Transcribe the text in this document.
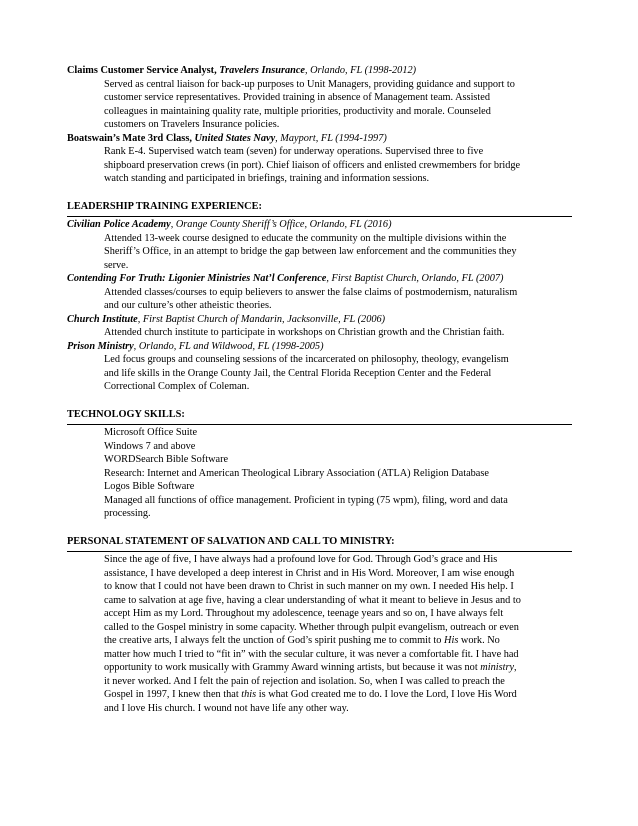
Claims Customer Service Analyst, Travelers Insurance, Orlando, FL (1998-2012)
Served as central liaison for back-up purposes to Unit Managers, providing guidance and support to
customer service representatives. Provided training in absence of Management team. Assisted
colleagues in maintaining quality rate, multiple priorities, productivity and morale. Counseled
customers on Travelers Insurance policies.
Boatswain’s Mate 3rd Class, United States Navy, Mayport, FL (1994-1997)
Rank E-4. Supervised watch team (seven) for underway operations. Supervised three to five
shipboard preservation crews (in port). Chief liaison of officers and enlisted crewmembers for bridge
watch standing and participated in briefings, training and information sessions.
LEADERSHIP TRAINING EXPERIENCE:
Civilian Police Academy, Orange County Sheriff’s Office, Orlando, FL (2016)
Attended 13-week course designed to educate the community on the multiple divisions within the
Sheriff’s Office, in an attempt to bridge the gap between law enforcement and the communities they
serve.
Contending For Truth: Ligonier Ministries Nat’l Conference, First Baptist Church, Orlando, FL (2007)
Attended classes/courses to equip believers to answer the false claims of postmodernism, naturalism
and our culture’s other atheistic theories.
Church Institute, First Baptist Church of Mandarin, Jacksonville, FL (2006)
Attended church institute to participate in workshops on Christian growth and the Christian faith.
Prison Ministry, Orlando, FL and Wildwood, FL (1998-2005)
Led focus groups and counseling sessions of the incarcerated on philosophy, theology, evangelism
and life skills in the Orange County Jail, the Central Florida Reception Center and the Federal
Correctional Complex of Coleman.
TECHNOLOGY SKILLS:
Microsoft Office Suite
Windows 7 and above
WORDSearch Bible Software
Research: Internet and American Theological Library Association (ATLA) Religion Database
Logos Bible Software
Managed all functions of office management. Proficient in typing (75 wpm), filing, word and data
processing.
PERSONAL STATEMENT OF SALVATION AND CALL TO MINISTRY:
Since the age of five, I have always had a profound love for God. Through God’s grace and His
assistance, I have developed a deep interest in Christ and in His Word. Moreover, I am wise enough
to know that I could not have been drawn to Christ in such manner on my own. I needed His help. I
came to salvation at age five, having a clear understanding of what it meant to believe in Jesus and to
accept Him as my Lord. Throughout my adolescence, teenage years and so on, I have always felt
called to the Gospel ministry in some capacity. Whether through pulpit evangelism, outreach or even
the creative arts, I always felt the unction of God’s spirit pushing me to commit to His work. No
matter how much I tried to “fit in” with the secular culture, it was never a comfortable fit. I have had
opportunity to work musically with Grammy Award winning artists, but because it was not ministry,
it never worked. And I felt the pain of rejection and isolation. So, when I was called to preach the
Gospel in 1997, I knew then that this is what God created me to do. I love the Lord, I love His Word
and I love His church. I wound not have life any other way.
